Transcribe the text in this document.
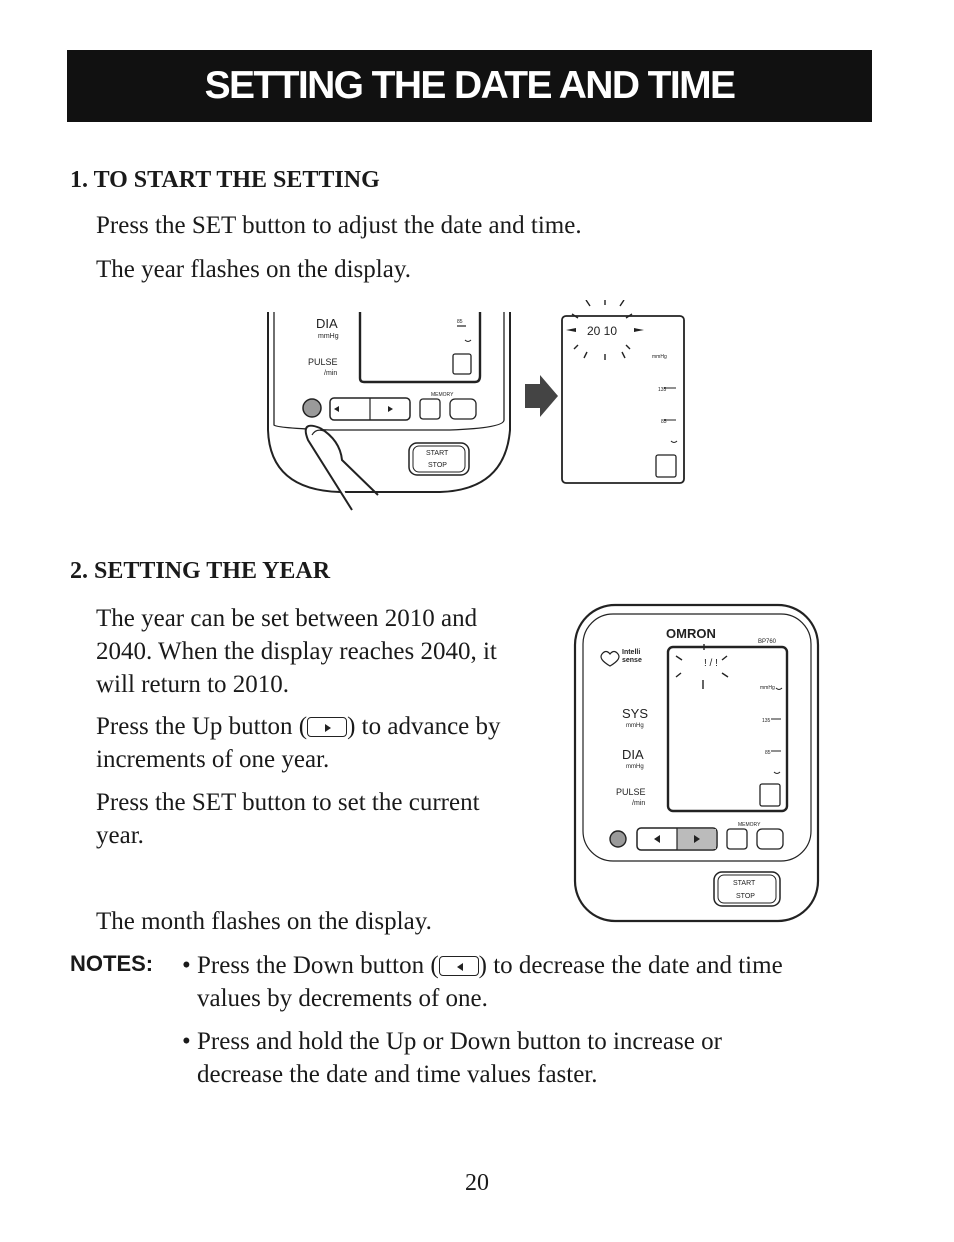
SETTING THE DATE AND TIME
1. TO START THE SETTING

Press the SET button to adjust the date and time.

The year flashes on the display.

DIA
mmHg
PULSE
/min
85
MEMORY
START
STOP
20 10
mmHg
135
85
2. SETTING THE YEAR

The year can be set between 2010 and 2040. When the display reaches 2040, it will return to 2010.

Press the Up button ( ) to advance by increments of one year.

Press the SET button to set the current year.

The month flashes on the display.

! / !
Intelli
sense
OMRON
BP760
SYS
mmHg
DIA
mmHg
PULSE
/min
mmHg
135
85
MEMORY
START
STOP
NOTES: • Press the Down button ( ) to decrease the date and time

values by decrements of one.

• Press and hold the Up or Down button to increase or

decrease the date and time values faster.

20
